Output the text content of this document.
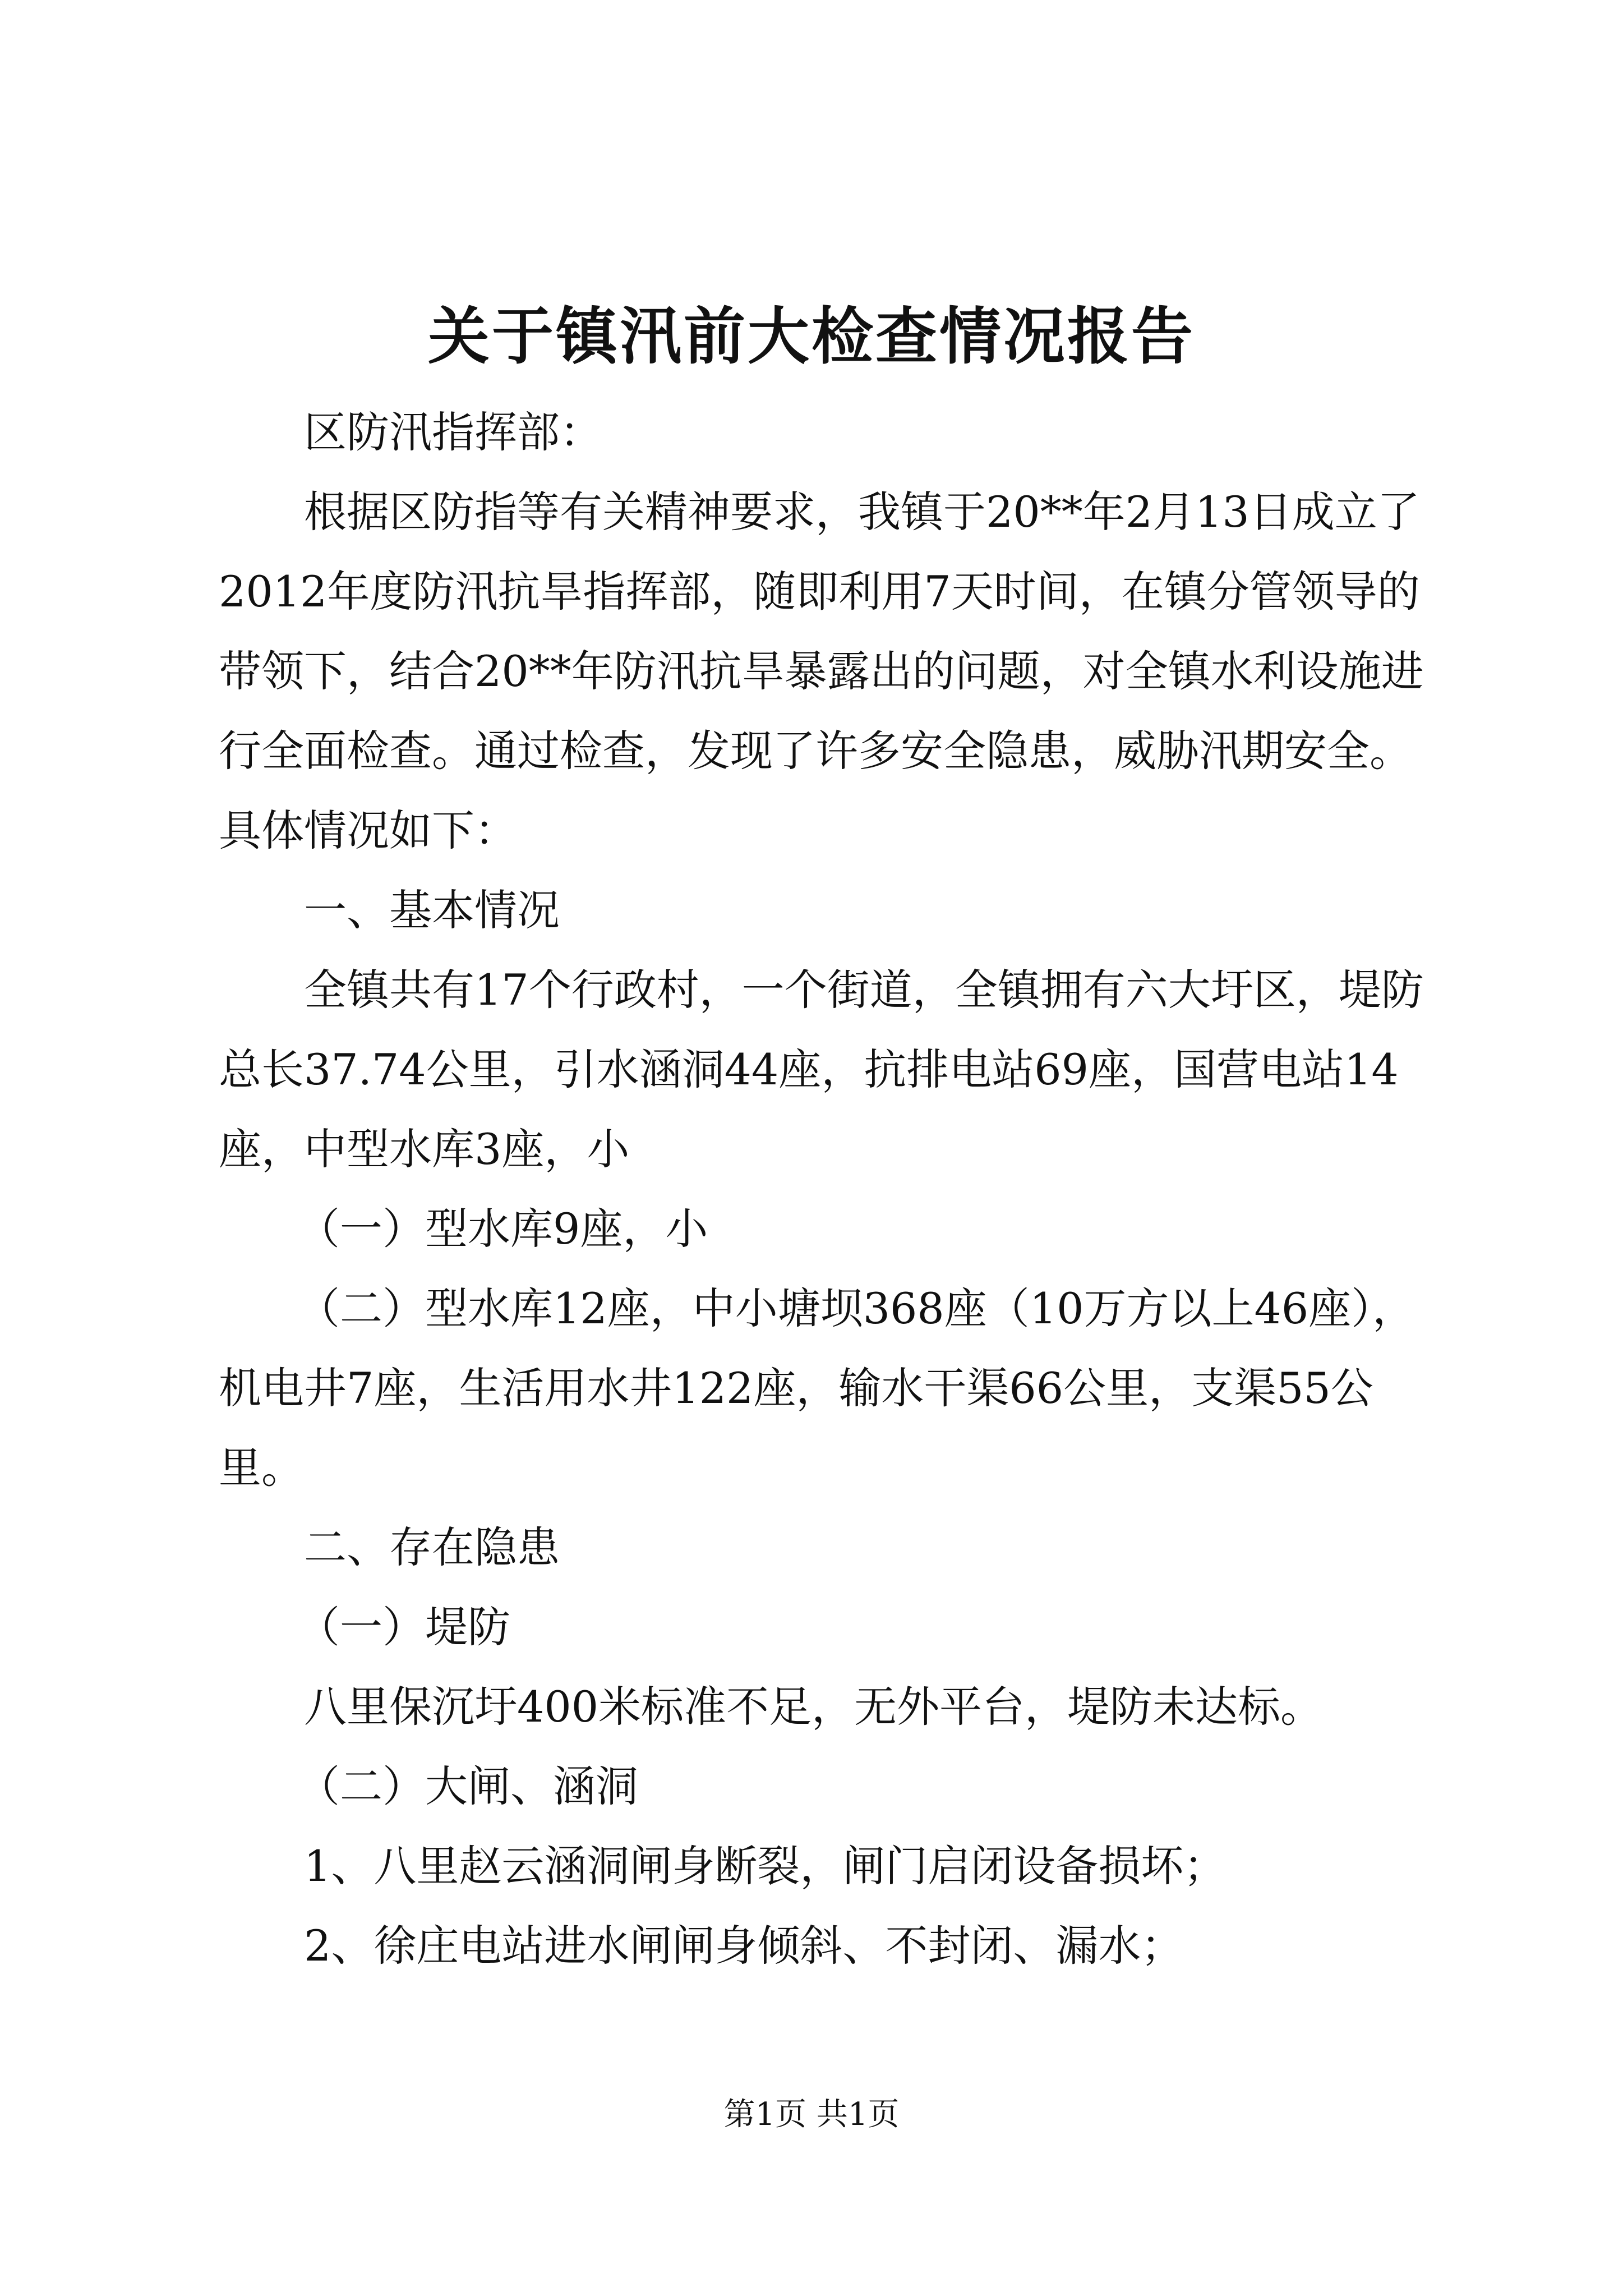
关于镇汛前大检查情况报告

区防汛指挥部：

根据区防指等有关精神要求，我镇于20**年2月13日成立了2012年度防汛抗旱指挥部，随即利用7天时间，在镇分管领导的带领下，结合20**年防汛抗旱暴露出的问题，对全镇水利设施进行全面检查。通过检查，发现了许多安全隐患，威胁汛期安全。具体情况如下：

一、基本情况

全镇共有17个行政村，一个街道，全镇拥有六大圩区，堤防总长37.74公里，引水涵洞44座，抗排电站69座，国营电站14座，中型水库3座，小

（一）型水库9座，小

（二）型水库12座，中小塘坝368座（10万方以上46座），机电井7座，生活用水井122座，输水干渠66公里，支渠55公里。

二、存在隐患

（一）堤防

八里保沉圩400米标准不足，无外平台，堤防未达标。

（二）大闸、涵洞

1、八里赵云涵洞闸身断裂，闸门启闭设备损坏；

2、徐庄电站进水闸闸身倾斜、不封闭、漏水；

第1页 共1页
